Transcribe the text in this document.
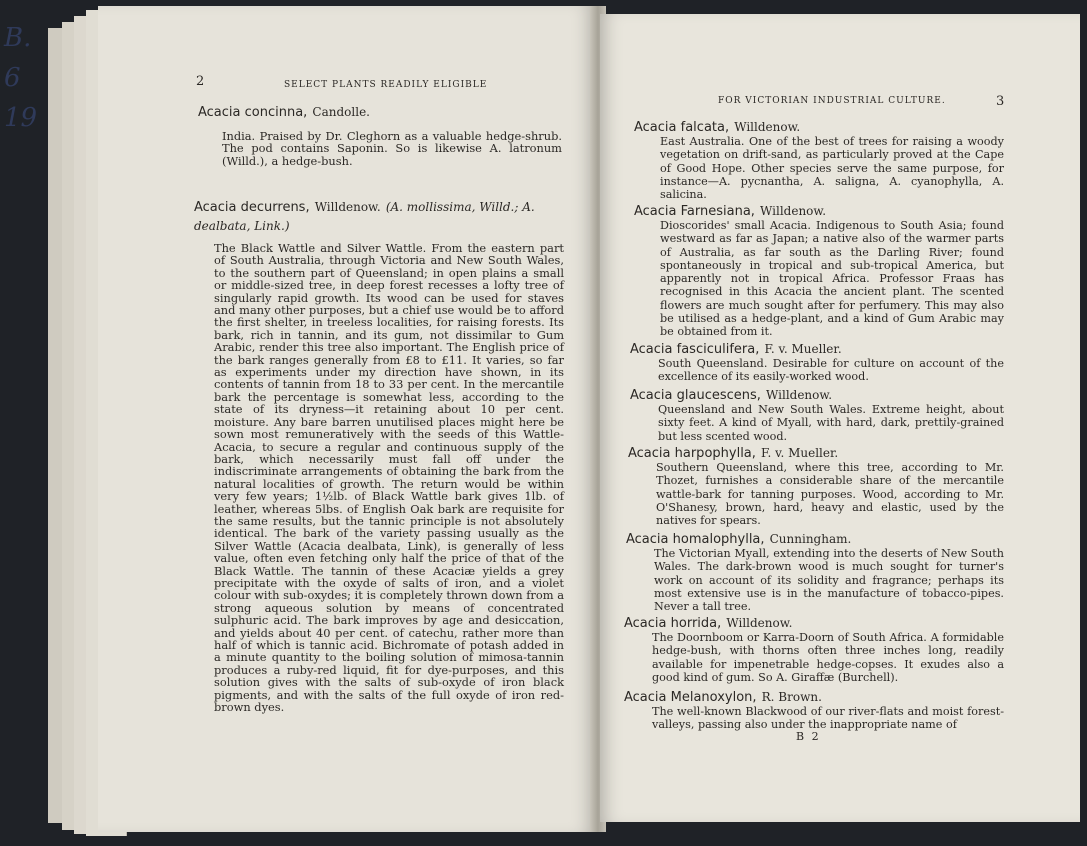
B. 6
19
2	SELECT PLANTS READILY ELIGIBLE
Acacia concinna, Candolle.
India. Praised by Dr. Cleghorn as a valuable hedge-shrub. The pod contains Saponin. So is likewise A. latronum (Willd.), a hedge-bush.
Acacia decurrens, Willdenow. (A. mollissima, Willd.; A. dealbata, Link.)
The Black Wattle and Silver Wattle. From the eastern part of South Australia, through Victoria and New South Wales, to the southern part of Queensland; in open plains a small or middle-sized tree, in deep forest recesses a lofty tree of singularly rapid growth. Its wood can be used for staves and many other purposes, but a chief use would be to afford the first shelter, in treeless localities, for raising forests. Its bark, rich in tannin, and its gum, not dissimilar to Gum Arabic, render this tree also important. The English price of the bark ranges generally from £8 to £11. It varies, so far as experiments under my direction have shown, in its contents of tannin from 18 to 33 per cent. In the mercantile bark the percentage is somewhat less, according to the state of its dryness—it retaining about 10 per cent. moisture. Any bare barren unutilised places might here be sown most remuneratively with the seeds of this Wattle-Acacia, to secure a regular and continuous supply of the bark, which necessarily must fall off under the indiscriminate arrangements of obtaining the bark from the natural localities of growth. The return would be within very few years; 1½lb. of Black Wattle bark gives 1lb. of leather, whereas 5lbs. of English Oak bark are requisite for the same results, but the tannic principle is not absolutely identical. The bark of the variety passing usually as the Silver Wattle (Acacia dealbata, Link), is generally of less value, often even fetching only half the price of that of the Black Wattle. The tannin of these Acaciæ yields a grey precipitate with the oxyde of salts of iron, and a violet colour with sub-oxydes; it is completely thrown down from a strong aqueous solution by means of concentrated sulphuric acid. The bark improves by age and desiccation, and yields about 40 per cent. of catechu, rather more than half of which is tannic acid. Bichromate of potash added in a minute quantity to the boiling solution of mimosa-tannin produces a ruby-red liquid, fit for dye-purposes, and this solution gives with the salts of sub-oxyde of iron black pigments, and with the salts of the full oxyde of iron red-brown dyes.
FOR VICTORIAN INDUSTRIAL CULTURE.	3
Acacia falcata, Willdenow.
East Australia. One of the best of trees for raising a woody vegetation on drift-sand, as particularly proved at the Cape of Good Hope. Other species serve the same purpose, for instance—A. pycnantha, A. saligna, A. cyanophylla, A. salicina.
Acacia Farnesiana, Willdenow.
Dioscorides' small Acacia. Indigenous to South Asia; found westward as far as Japan; a native also of the warmer parts of Australia, as far south as the Darling River; found spontaneously in tropical and sub-tropical America, but apparently not in tropical Africa. Professor Fraas has recognised in this Acacia the ancient plant. The scented flowers are much sought after for perfumery. This may also be utilised as a hedge-plant, and a kind of Gum Arabic may be obtained from it.
Acacia fasciculifera, F. v. Mueller.
South Queensland. Desirable for culture on account of the excellence of its easily-worked wood.
Acacia glaucescens, Willdenow.
Queensland and New South Wales. Extreme height, about sixty feet. A kind of Myall, with hard, dark, prettily-grained but less scented wood.
Acacia harpophylla, F. v. Mueller.
Southern Queensland, where this tree, according to Mr. Thozet, furnishes a considerable share of the mercantile wattle-bark for tanning purposes. Wood, according to Mr. O'Shanesy, brown, hard, heavy and elastic, used by the natives for spears.
Acacia homalophylla, Cunningham.
The Victorian Myall, extending into the deserts of New South Wales. The dark-brown wood is much sought for turner's work on account of its solidity and fragrance; perhaps its most extensive use is in the manufacture of tobacco-pipes. Never a tall tree.
Acacia horrida, Willdenow.
The Doornboom or Karra-Doorn of South Africa. A formidable hedge-bush, with thorns often three inches long, readily available for impenetrable hedge-copses. It exudes also a good kind of gum. So A. Giraffæ (Burchell).
Acacia Melanoxylon, R. Brown.
The well-known Blackwood of our river-flats and moist forest-valleys, passing also under the inappropriate name of
B 2
